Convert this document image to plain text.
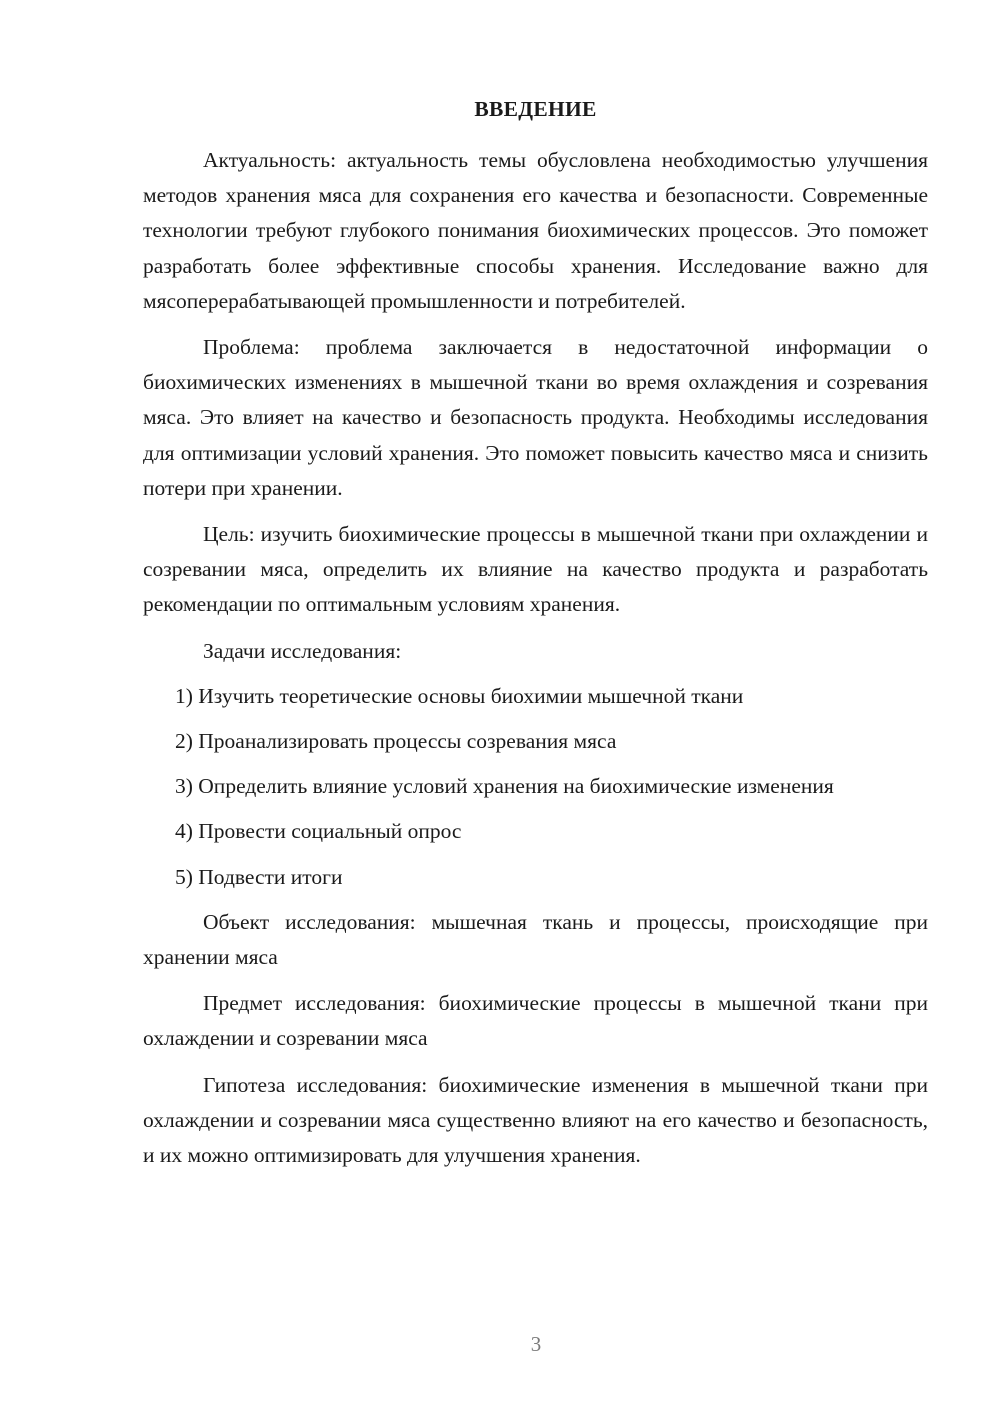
ВВЕДЕНИЕ

Актуальность: актуальность темы обусловлена необходимостью улучшения методов хранения мяса для сохранения его качества и безопасности. Современные технологии требуют глубокого понимания биохимических процессов. Это поможет разработать более эффективные способы хранения. Исследование важно для мясоперерабатывающей промышленности и потребителей.

Проблема: проблема заключается в недостаточной информации о биохимических изменениях в мышечной ткани во время охлаждения и созревания мяса. Это влияет на качество и безопасность продукта. Необходимы исследования для оптимизации условий хранения. Это поможет повысить качество мяса и снизить потери при хранении.

Цель: изучить биохимические процессы в мышечной ткани при охлаждении и созревании мяса, определить их влияние на качество продукта и разработать рекомендации по оптимальным условиям хранения.

Задачи исследования:

1) Изучить теоретические основы биохимии мышечной ткани

2) Проанализировать процессы созревания мяса

3) Определить влияние условий хранения на биохимические изменения

4) Провести социальный опрос

5) Подвести итоги

Объект исследования: мышечная ткань и процессы, происходящие при хранении мяса

Предмет исследования: биохимические процессы в мышечной ткани при охлаждении и созревании мяса

Гипотеза исследования: биохимические изменения в мышечной ткани при охлаждении и созревании мяса существенно влияют на его качество и безопасность, и их можно оптимизировать для улучшения хранения.

3
